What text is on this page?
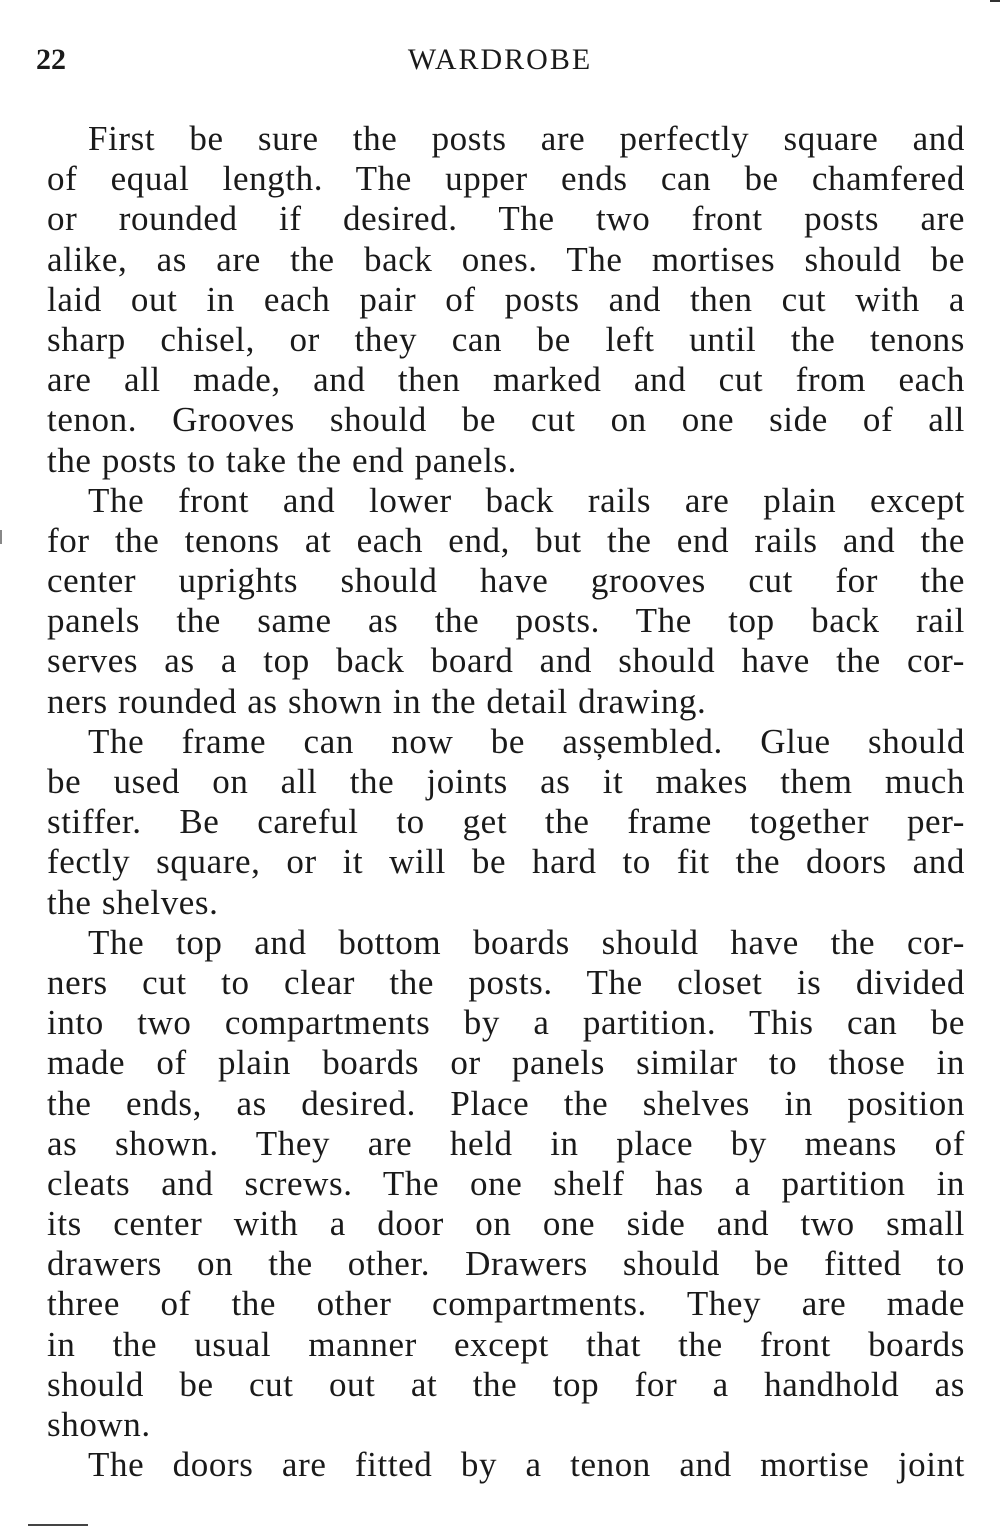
22	WARDROBE
First be sure the posts are perfectly square and
of equal length. The upper ends can be chamfered
or rounded if desired. The two front posts are
alike, as are the back ones. The mortises should be
laid out in each pair of posts and then cut with a
sharp chisel, or they can be left until the tenons
are all made, and then marked and cut from each
tenon. Grooves should be cut on one side of all
the posts to take the end panels.
The front and lower back rails are plain except
for the tenons at each end, but the end rails and the
center uprights should have grooves cut for the
panels the same as the posts. The top back rail
serves as a top back board and should have the cor-
ners rounded as shown in the detail drawing.
The frame can now be asșembled. Glue should
be used on all the joints as it makes them much
stiffer. Be careful to get the frame together per-
fectly square, or it will be hard to fit the doors and
the shelves.
The top and bottom boards should have the cor-
ners cut to clear the posts. The closet is divided
into two compartments by a partition. This can be
made of plain boards or panels similar to those in
the ends, as desired. Place the shelves in position
as shown. They are held in place by means of
cleats and screws. The one shelf has a partition in
its center with a door on one side and two small
drawers on the other. Drawers should be fitted to
three of the other compartments. They are made
in the usual manner except that the front boards
should be cut out at the top for a handhold as
shown.
The doors are fitted by a tenon and mortise joint
